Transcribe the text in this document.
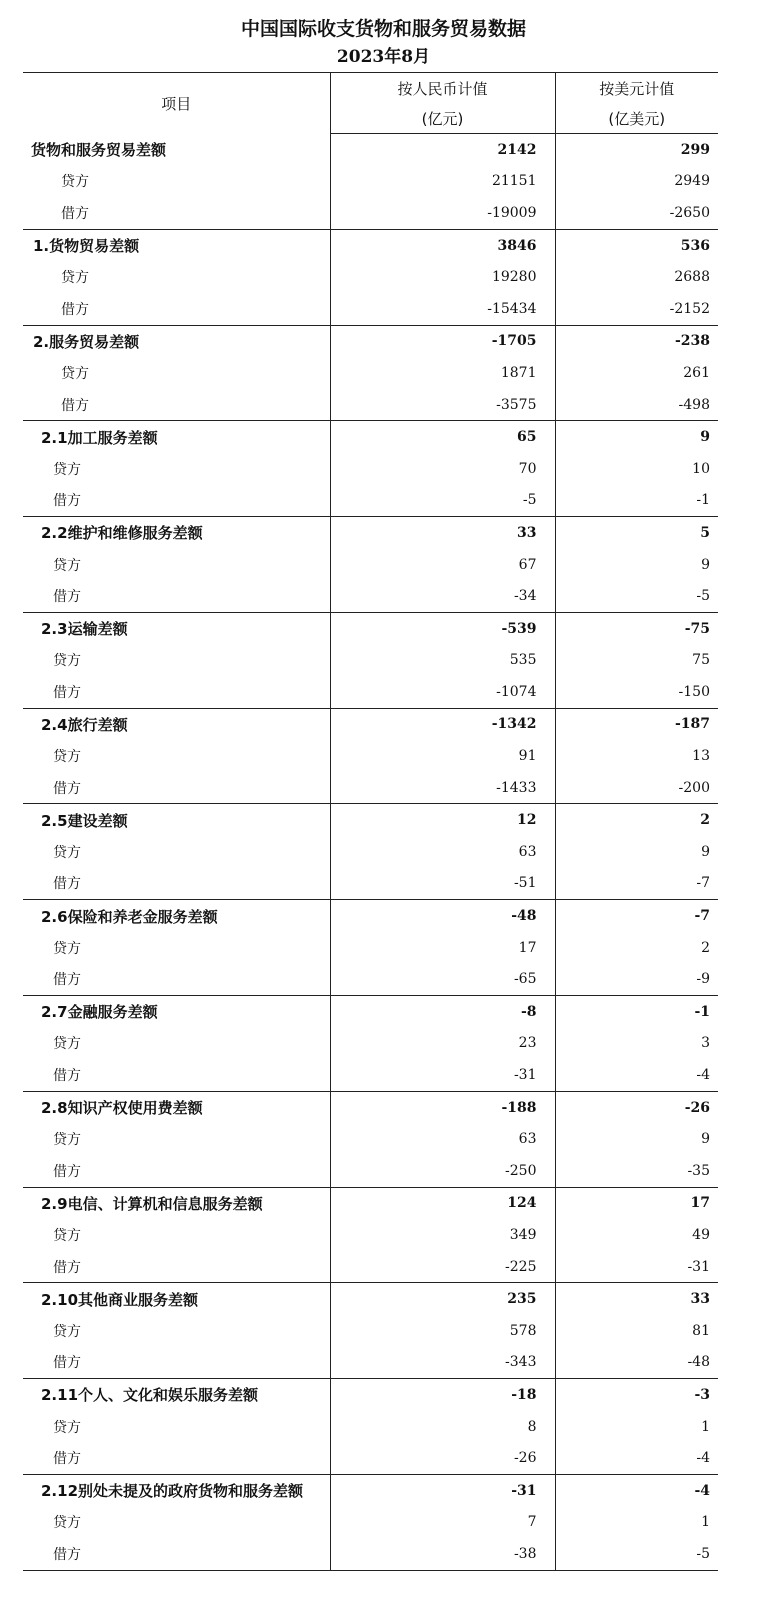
中国国际收支货物和服务贸易数据
2023年8月
项目	按人民币计值	按美元计值
	(亿元)	(亿美元)
货物和服务贸易差额	2142	299
贷方	21151	2949
借方	-19009	-2650
1.货物贸易差额	3846	536
贷方	19280	2688
借方	-15434	-2152
2.服务贸易差额	-1705	-238
贷方	1871	261
借方	-3575	-498
2.1加工服务差额	65	9
贷方	70	10
借方	-5	-1
2.2维护和维修服务差额	33	5
贷方	67	9
借方	-34	-5
2.3运输差额	-539	-75
贷方	535	75
借方	-1074	-150
2.4旅行差额	-1342	-187
贷方	91	13
借方	-1433	-200
2.5建设差额	12	2
贷方	63	9
借方	-51	-7
2.6保险和养老金服务差额	-48	-7
贷方	17	2
借方	-65	-9
2.7金融服务差额	-8	-1
贷方	23	3
借方	-31	-4
2.8知识产权使用费差额	-188	-26
贷方	63	9
借方	-250	-35
2.9电信、计算机和信息服务差额	124	17
贷方	349	49
借方	-225	-31
2.10其他商业服务差额	235	33
贷方	578	81
借方	-343	-48
2.11个人、文化和娱乐服务差额	-18	-3
贷方	8	1
借方	-26	-4
2.12别处未提及的政府货物和服务差额	-31	-4
贷方	7	1
借方	-38	-5
